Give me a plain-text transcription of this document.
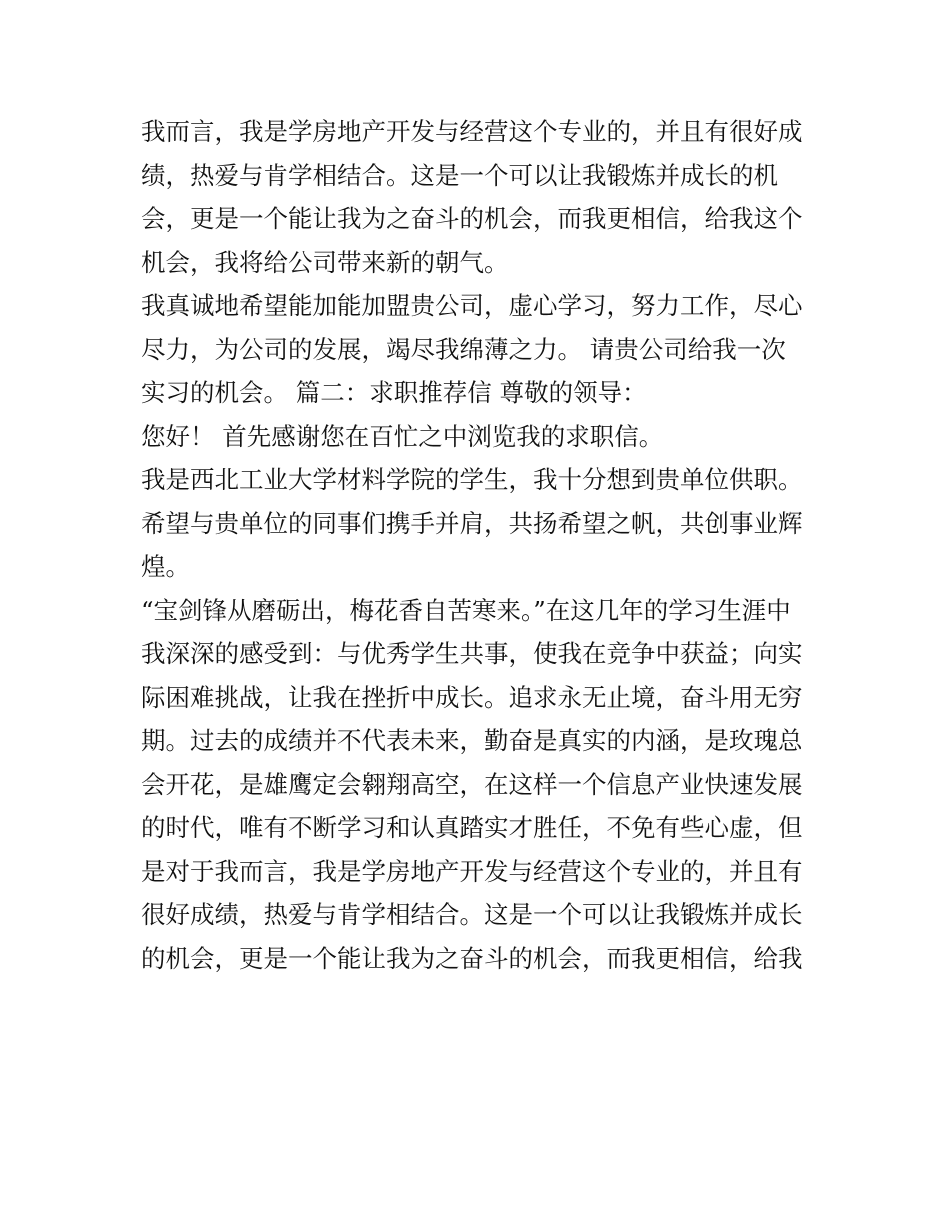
我而言，我是学房地产开发与经营这个专业的，并且有很好成
绩，热爱与肯学相结合。这是一个可以让我锻炼并成长的机
会，更是一个能让我为之奋斗的机会，而我更相信，给我这个
机会，我将给公司带来新的朝气。
我真诚地希望能加能加盟贵公司，虚心学习，努力工作，尽心
尽力，为公司的发展，竭尽我绵薄之力。 请贵公司给我一次
实习的机会。 篇二：求职推荐信 尊敬的领导：
您好！ 首先感谢您在百忙之中浏览我的求职信。
我是西北工业大学材料学院的学生，我十分想到贵单位供职。
希望与贵单位的同事们携手并肩，共扬希望之帆，共创事业辉
煌。
“宝剑锋从磨砺出，梅花香自苦寒来。”在这几年的学习生涯中
我深深的感受到：与优秀学生共事，使我在竞争中获益；向实
际困难挑战，让我在挫折中成长。追求永无止境，奋斗用无穷
期。过去的成绩并不代表未来，勤奋是真实的内涵，是玫瑰总
会开花，是雄鹰定会翱翔高空，在这样一个信息产业快速发展
的时代，唯有不断学习和认真踏实才胜任，不免有些心虚，但
是对于我而言，我是学房地产开发与经营这个专业的，并且有
很好成绩，热爱与肯学相结合。这是一个可以让我锻炼并成长
的机会，更是一个能让我为之奋斗的机会，而我更相信，给我
